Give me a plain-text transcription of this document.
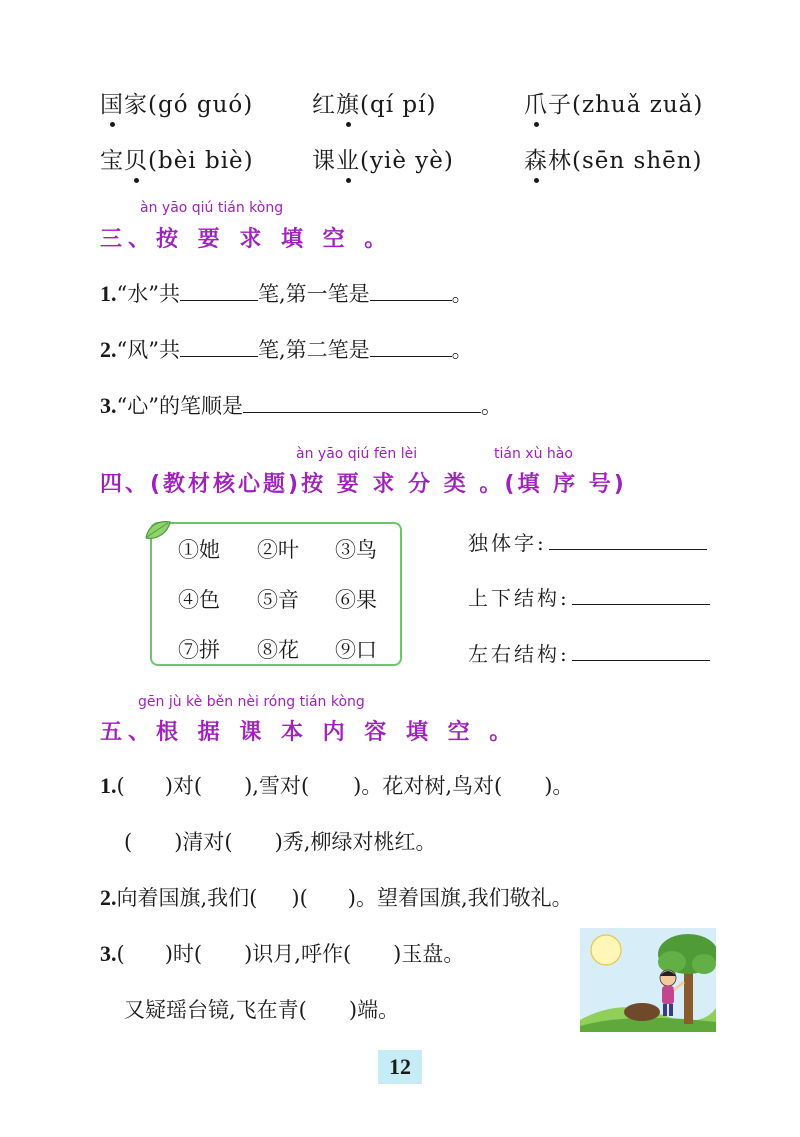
国家(gó guó)	红旗(qí pí)	爪子(zhuǎ zuǎ)
宝贝(bèi biè)	课业(yiè yè)	森林(sēn shēn)
àn yāo qiú tián kòng
三、按 要 求 填 空 。
1.“水”共	笔,第一笔是	。
2.“风”共	笔,第二笔是	。
3.“心”的笔顺是	。
àn yāo qiú fēn lèi	tián xù hào
四、(教材核心题)按 要 求 分 类 。(填 序 号)
①她 ②叶 ③鸟
④色 ⑤音 ⑥果
⑦拼 ⑧花 ⑨口
独体字:
上下结构:
左右结构:
gēn jù kè běn nèi róng tián kòng
五、根 据 课 本 内 容 填 空 。
1.( )对( ),雪对( )。花对树,鸟对( )。
( )清对( )秀,柳绿对桃红。
2.向着国旗,我们( )( )。望着国旗,我们敬礼。
3.( )时( )识月,呼作( )玉盘。
又疑瑶台镜,飞在青( )端。
12
